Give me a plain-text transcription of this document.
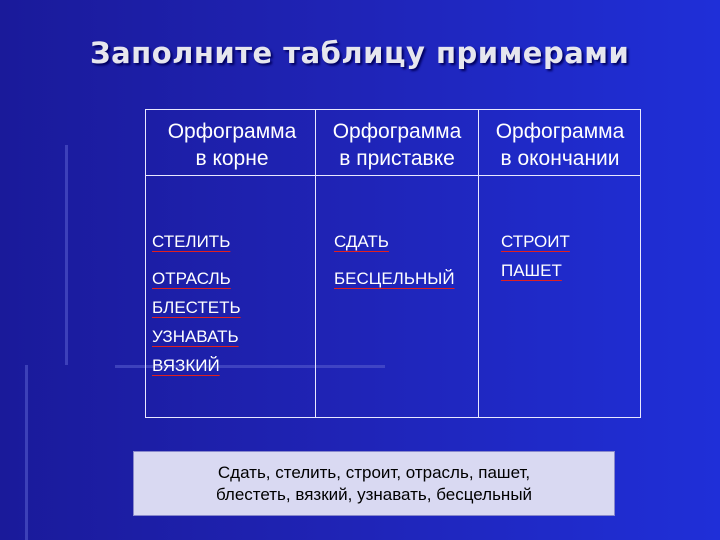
Заполните таблицу примерами
Орфограмма
в корне
Орфограмма
в приставке
Орфограмма
в окончании
СТЕЛИТЬ
ОТРАСЛЬ
БЛЕСТЕТЬ
УЗНАВАТЬ
ВЯЗКИЙ
СДАТЬ
БЕСЦЕЛЬНЫЙ
СТРОИТ
ПАШЕТ
Сдать, стелить, строит, отрасль, пашет,
блестеть, вязкий, узнавать, бесцельный
